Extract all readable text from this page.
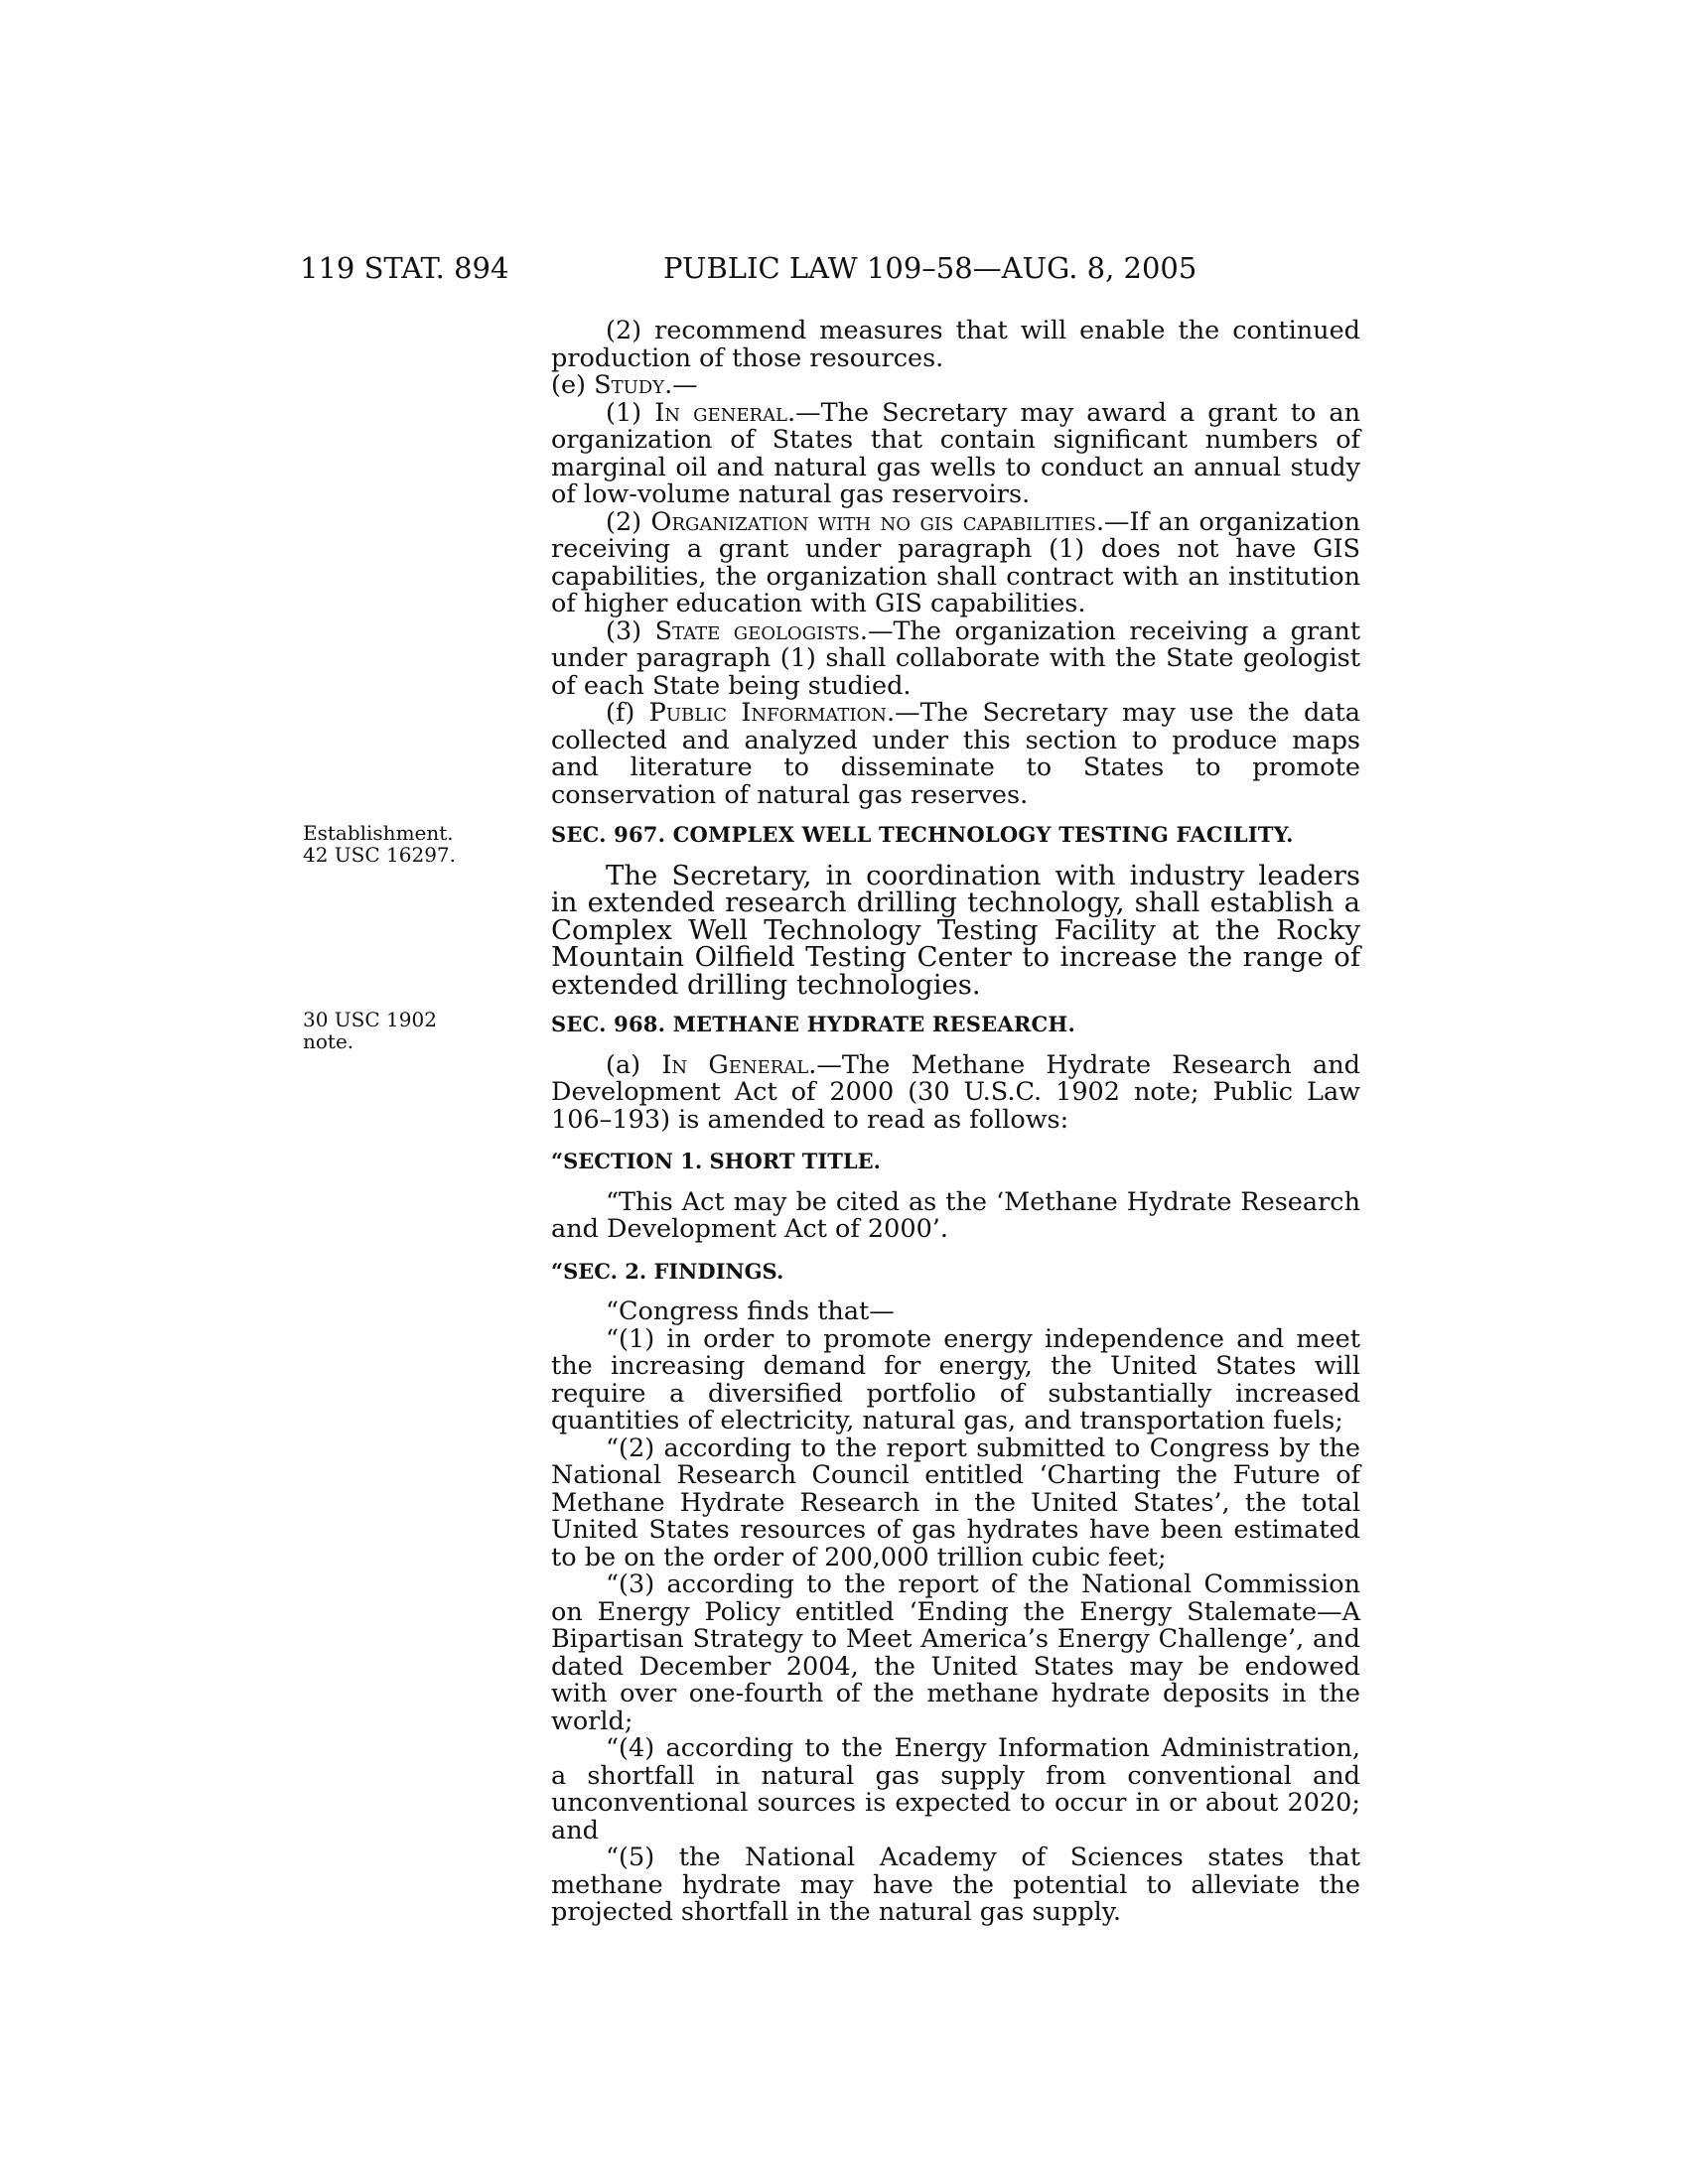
119 STAT. 894	PUBLIC LAW 109–58—AUG. 8, 2005
Establishment.
42 USC 16297.
30 USC 1902
note.

(2) recommend measures that will enable the continued production of those resources.

(e) Study.—

(1) In general.—The Secretary may award a grant to an organization of States that contain significant numbers of marginal oil and natural gas wells to conduct an annual study of low-volume natural gas reservoirs.

(2) Organization with no gis capabilities.—If an organization receiving a grant under paragraph (1) does not have GIS capabilities, the organization shall contract with an institution of higher education with GIS capabilities.

(3) State geologists.—The organization receiving a grant under paragraph (1) shall collaborate with the State geologist of each State being studied.

(f) Public Information.—The Secretary may use the data collected and analyzed under this section to produce maps and literature to disseminate to States to promote conservation of natural gas reserves.

SEC. 967. COMPLEX WELL TECHNOLOGY TESTING FACILITY.

The Secretary, in coordination with industry leaders in extended research drilling technology, shall establish a Complex Well Technology Testing Facility at the Rocky Mountain Oilfield Testing Center to increase the range of extended drilling technologies.

SEC. 968. METHANE HYDRATE RESEARCH.

(a) In General.—The Methane Hydrate Research and Development Act of 2000 (30 U.S.C. 1902 note; Public Law 106–193) is amended to read as follows:

“SECTION 1. SHORT TITLE.

“This Act may be cited as the ‘Methane Hydrate Research and Development Act of 2000’.

“SEC. 2. FINDINGS.

“Congress finds that—

“(1) in order to promote energy independence and meet the increasing demand for energy, the United States will require a diversified portfolio of substantially increased quantities of electricity, natural gas, and transportation fuels;

“(2) according to the report submitted to Congress by the National Research Council entitled ‘Charting the Future of Methane Hydrate Research in the United States’, the total United States resources of gas hydrates have been estimated to be on the order of 200,000 trillion cubic feet;

“(3) according to the report of the National Commission on Energy Policy entitled ‘Ending the Energy Stalemate—A Bipartisan Strategy to Meet America’s Energy Challenge’, and dated December 2004, the United States may be endowed with over one-fourth of the methane hydrate deposits in the world;

“(4) according to the Energy Information Administration, a shortfall in natural gas supply from conventional and unconventional sources is expected to occur in or about 2020; and

“(5) the National Academy of Sciences states that methane hydrate may have the potential to alleviate the projected shortfall in the natural gas supply.
